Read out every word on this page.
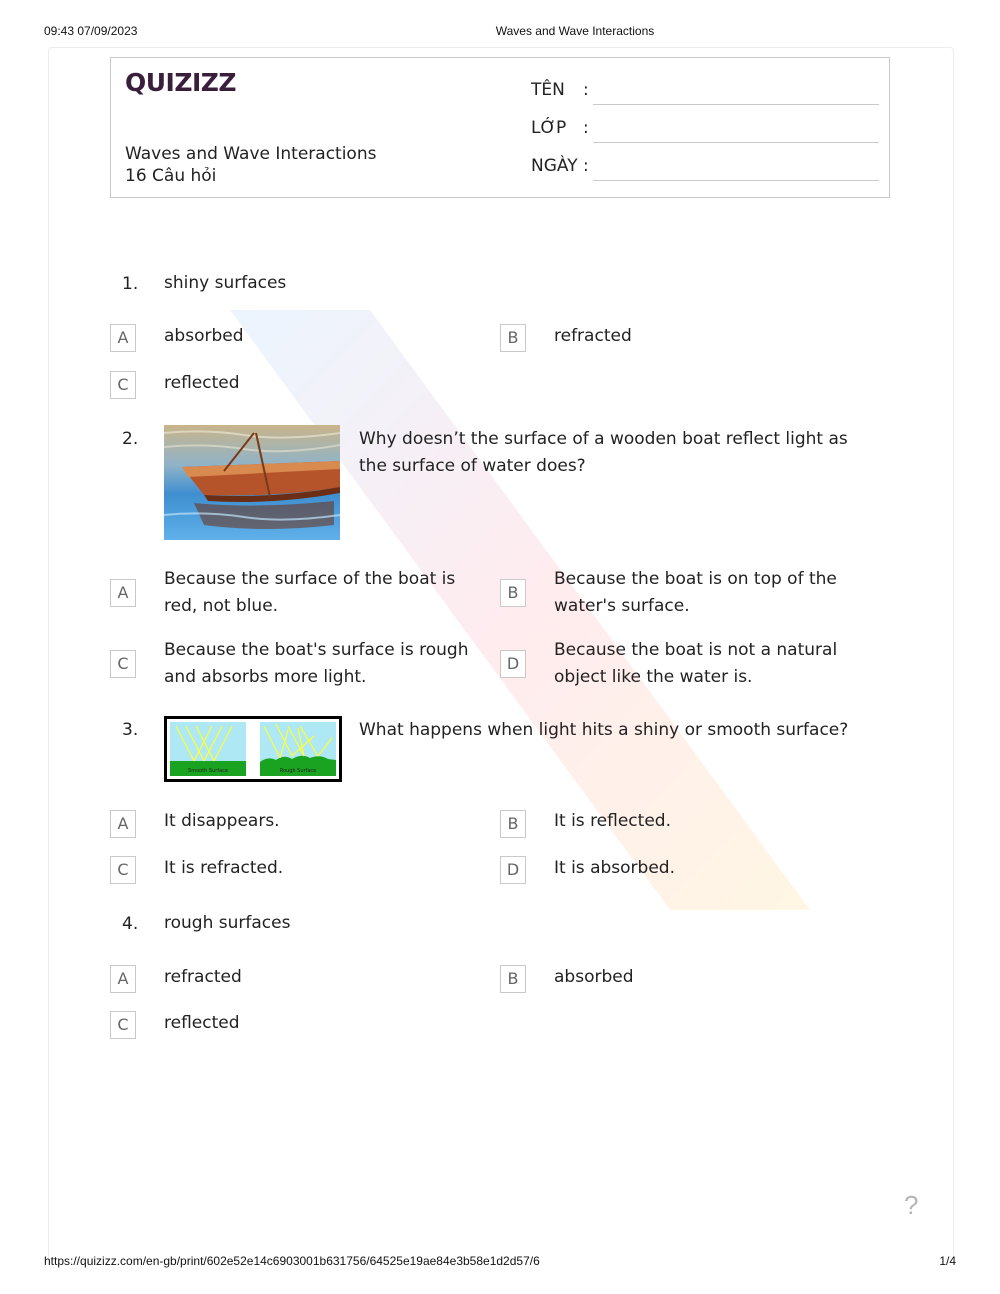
09:43 07/09/2023	Waves and Wave Interactions
QUIZIZZ
Waves and Wave Interactions
16 Câu hỏi
TÊN :
LỚP :
NGÀY :
1. shiny surfaces
A	absorbed	B	refracted
C	reflected
2.	Why doesn’t the surface of a wooden boat reflect light as the surface of water does?
A
Because the surface of the boat is red, not blue.
B
Because the boat is on top of the water's surface.
C
Because the boat's surface is rough and absorbs more light.
D
Because the boat is not a natural object like the water is.
3.
Smooth Surface	Rough Surface
What happens when light hits a shiny or smooth surface?
A	It disappears.	B	It is reflected.
C	It is refracted.	D	It is absorbed.
4. rough surfaces
A	refracted	B	absorbed
C	reflected
?
https://quizizz.com/en-gb/print/602e52e14c6903001b631756/64525e19ae84e3b58e1d2d57/6	1/4
